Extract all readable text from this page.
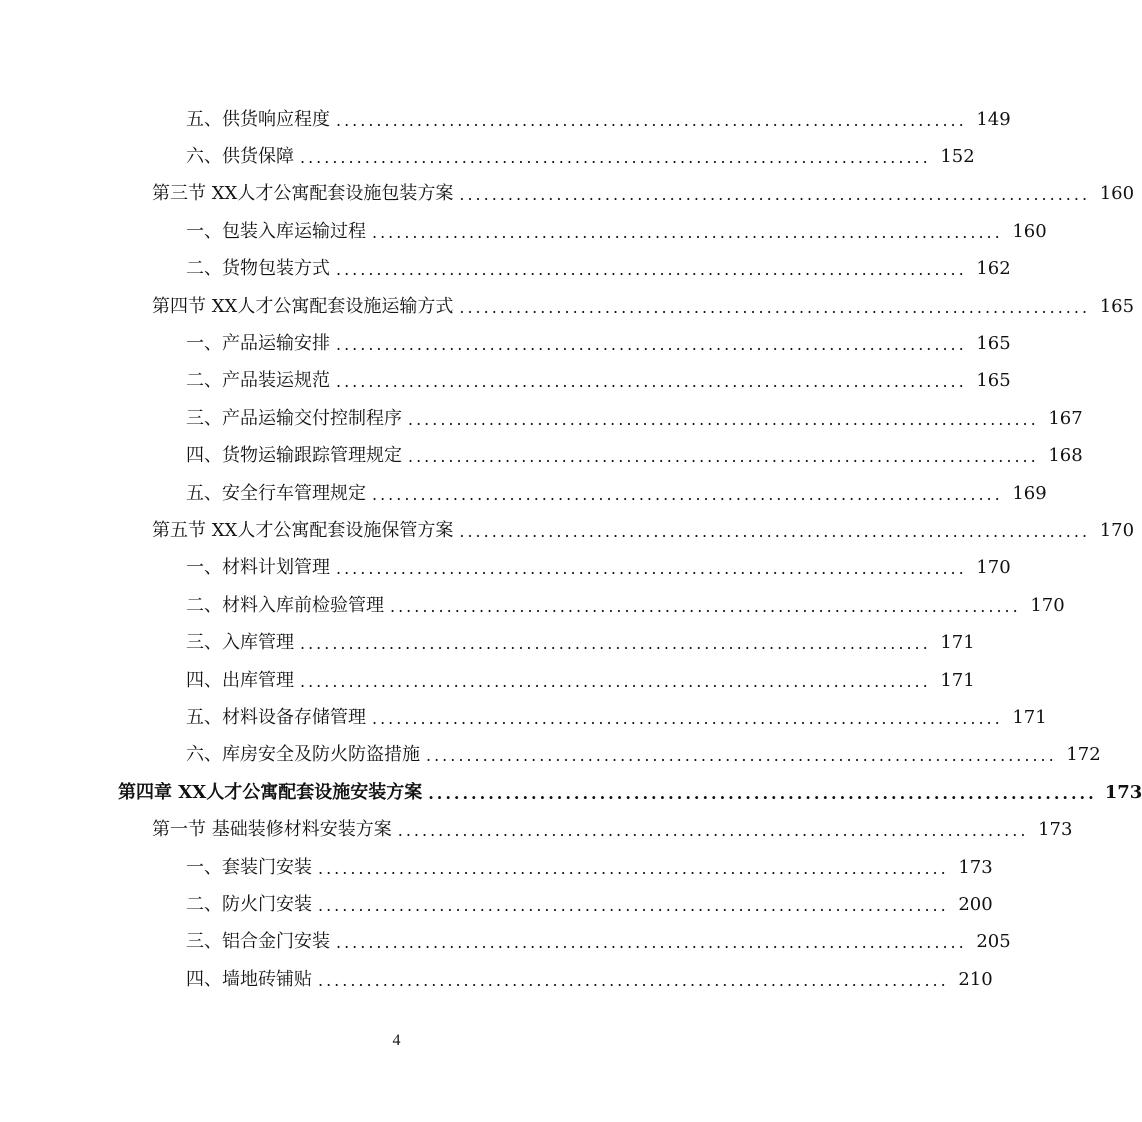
五、供货响应程度 .............................................................................. 149
六、供货保障 .............................................................................. 152
第三节 XX人才公寓配套设施包装方案 .............................................................................. 160
一、包装入库运输过程 .............................................................................. 160
二、货物包装方式 .............................................................................. 162
第四节 XX人才公寓配套设施运输方式 .............................................................................. 165
一、产品运输安排 .............................................................................. 165
二、产品装运规范 .............................................................................. 165
三、产品运输交付控制程序 .............................................................................. 167
四、货物运输跟踪管理规定 .............................................................................. 168
五、安全行车管理规定 .............................................................................. 169
第五节 XX人才公寓配套设施保管方案 .............................................................................. 170
一、材料计划管理 .............................................................................. 170
二、材料入库前检验管理 .............................................................................. 170
三、入库管理 .............................................................................. 171
四、出库管理 .............................................................................. 171
五、材料设备存储管理 .............................................................................. 171
六、库房安全及防火防盗措施 .............................................................................. 172
第四章 XX人才公寓配套设施安装方案 .............................................................................. 173
第一节 基础装修材料安装方案 .............................................................................. 173
一、套装门安装 .............................................................................. 173
二、防火门安装 .............................................................................. 200
三、铝合金门安装 .............................................................................. 205
四、墙地砖铺贴 .............................................................................. 210
4
